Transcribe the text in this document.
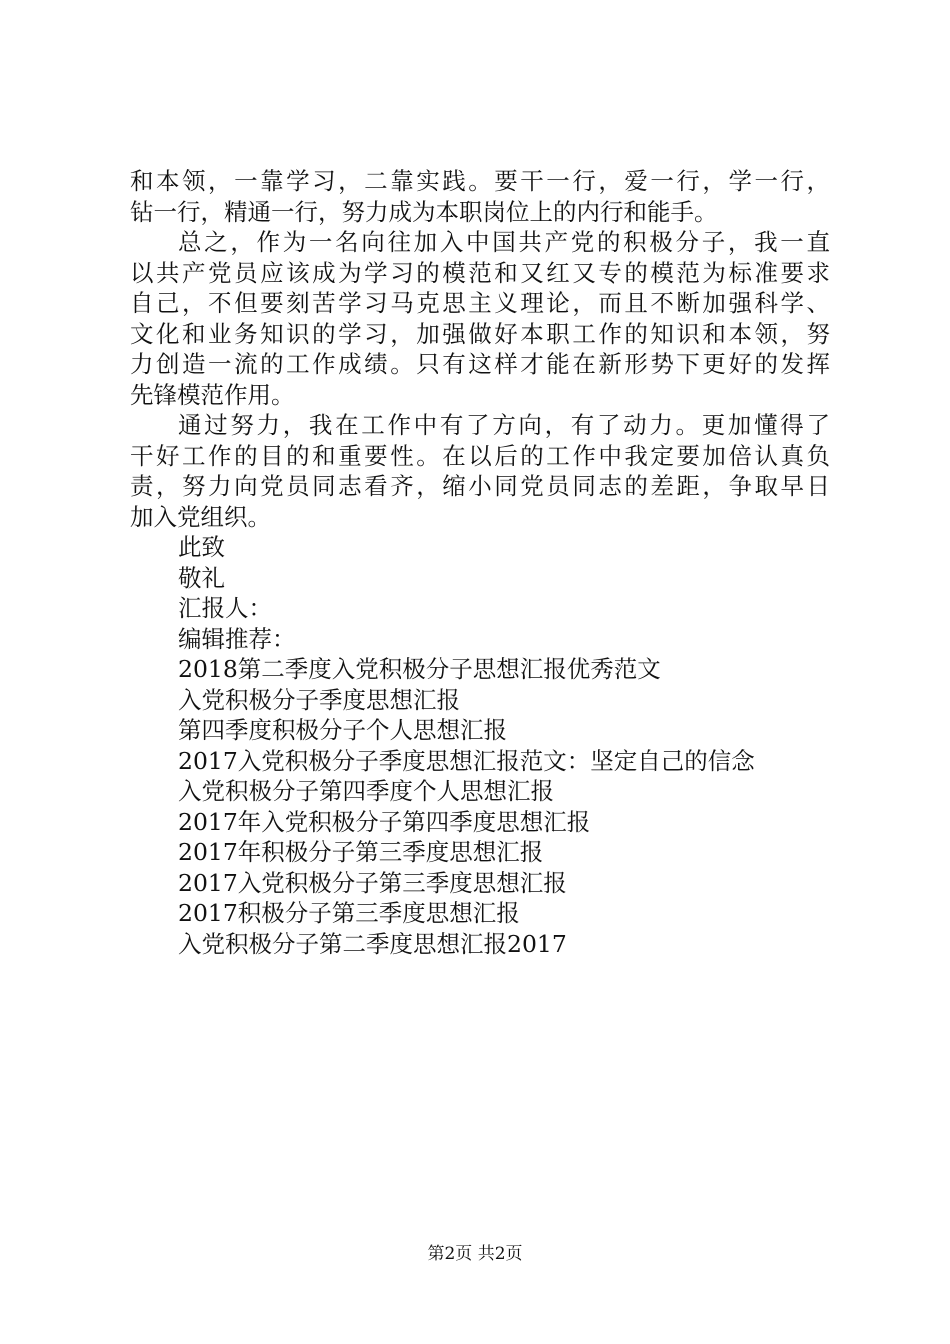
和本领，一靠学习，二靠实践。要干一行，爱一行，学一行，
钻一行，精通一行，努力成为本职岗位上的内行和能手。
总之，作为一名向往加入中国共产党的积极分子，我一直
以共产党员应该成为学习的模范和又红又专的模范为标准要求
自己，不但要刻苦学习马克思主义理论，而且不断加强科学、
文化和业务知识的学习，加强做好本职工作的知识和本领，努
力创造一流的工作成绩。只有这样才能在新形势下更好的发挥
先锋模范作用。
通过努力，我在工作中有了方向，有了动力。更加懂得了
干好工作的目的和重要性。在以后的工作中我定要加倍认真负
责，努力向党员同志看齐，缩小同党员同志的差距，争取早日
加入党组织。
此致
敬礼
汇报人：
编辑推荐：
2018第二季度入党积极分子思想汇报优秀范文
入党积极分子季度思想汇报
第四季度积极分子个人思想汇报
2017入党积极分子季度思想汇报范文：坚定自己的信念
入党积极分子第四季度个人思想汇报
2017年入党积极分子第四季度思想汇报
2017年积极分子第三季度思想汇报
2017入党积极分子第三季度思想汇报
2017积极分子第三季度思想汇报
入党积极分子第二季度思想汇报2017
第2页 共2页
